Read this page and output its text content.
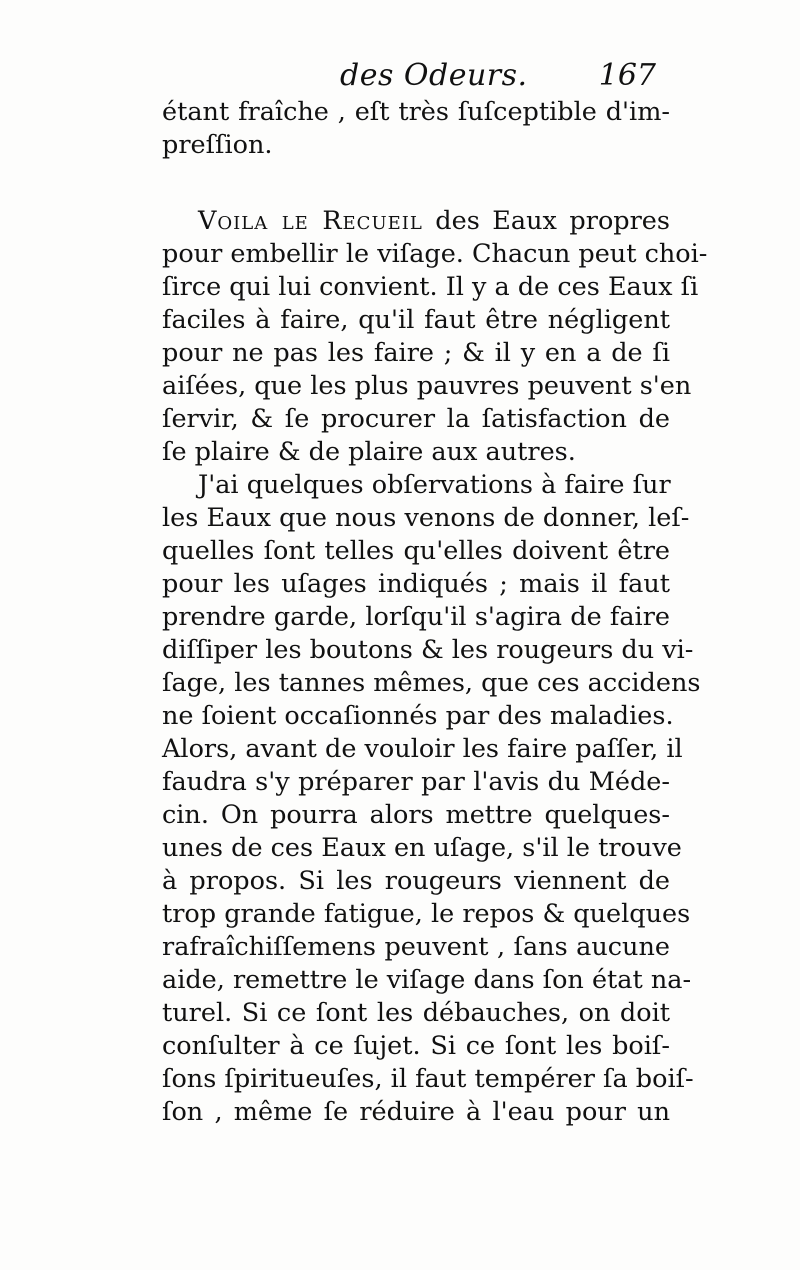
des Odeurs. 167
étant fraîche , eſt très ſuſceptible d'im-
preſſion.
Voila le Recueil des Eaux propres
pour embellir le viſage. Chacun peut choi-
ſirce qui lui convient. Il y a de ces Eaux ſi
faciles à faire, qu'il faut être négligent
pour ne pas les faire ; & il y en a de ſi
aiſées, que les plus pauvres peuvent s'en
ſervir, & ſe procurer la ſatisfaction de
ſe plaire & de plaire aux autres.
J'ai quelques obſervations à faire ſur
les Eaux que nous venons de donner, leſ-
quelles ſont telles qu'elles doivent être
pour les uſages indiqués ; mais il faut
prendre garde, lorſqu'il s'agira de faire
diſſiper les boutons & les rougeurs du vi-
ſage, les tannes mêmes, que ces accidens
ne ſoient occaſionnés par des maladies.
Alors, avant de vouloir les faire paſſer, il
faudra s'y préparer par l'avis du Méde-
cin. On pourra alors mettre quelques-
unes de ces Eaux en uſage, s'il le trouve
à propos. Si les rougeurs viennent de
trop grande fatigue, le repos & quelques
rafraîchiſſemens peuvent , ſans aucune
aide, remettre le viſage dans ſon état na-
turel. Si ce ſont les débauches, on doit
conſulter à ce ſujet. Si ce ſont les boiſ-
ſons ſpiritueuſes, il faut tempérer ſa boiſ-
ſon , même ſe réduire à l'eau pour un
